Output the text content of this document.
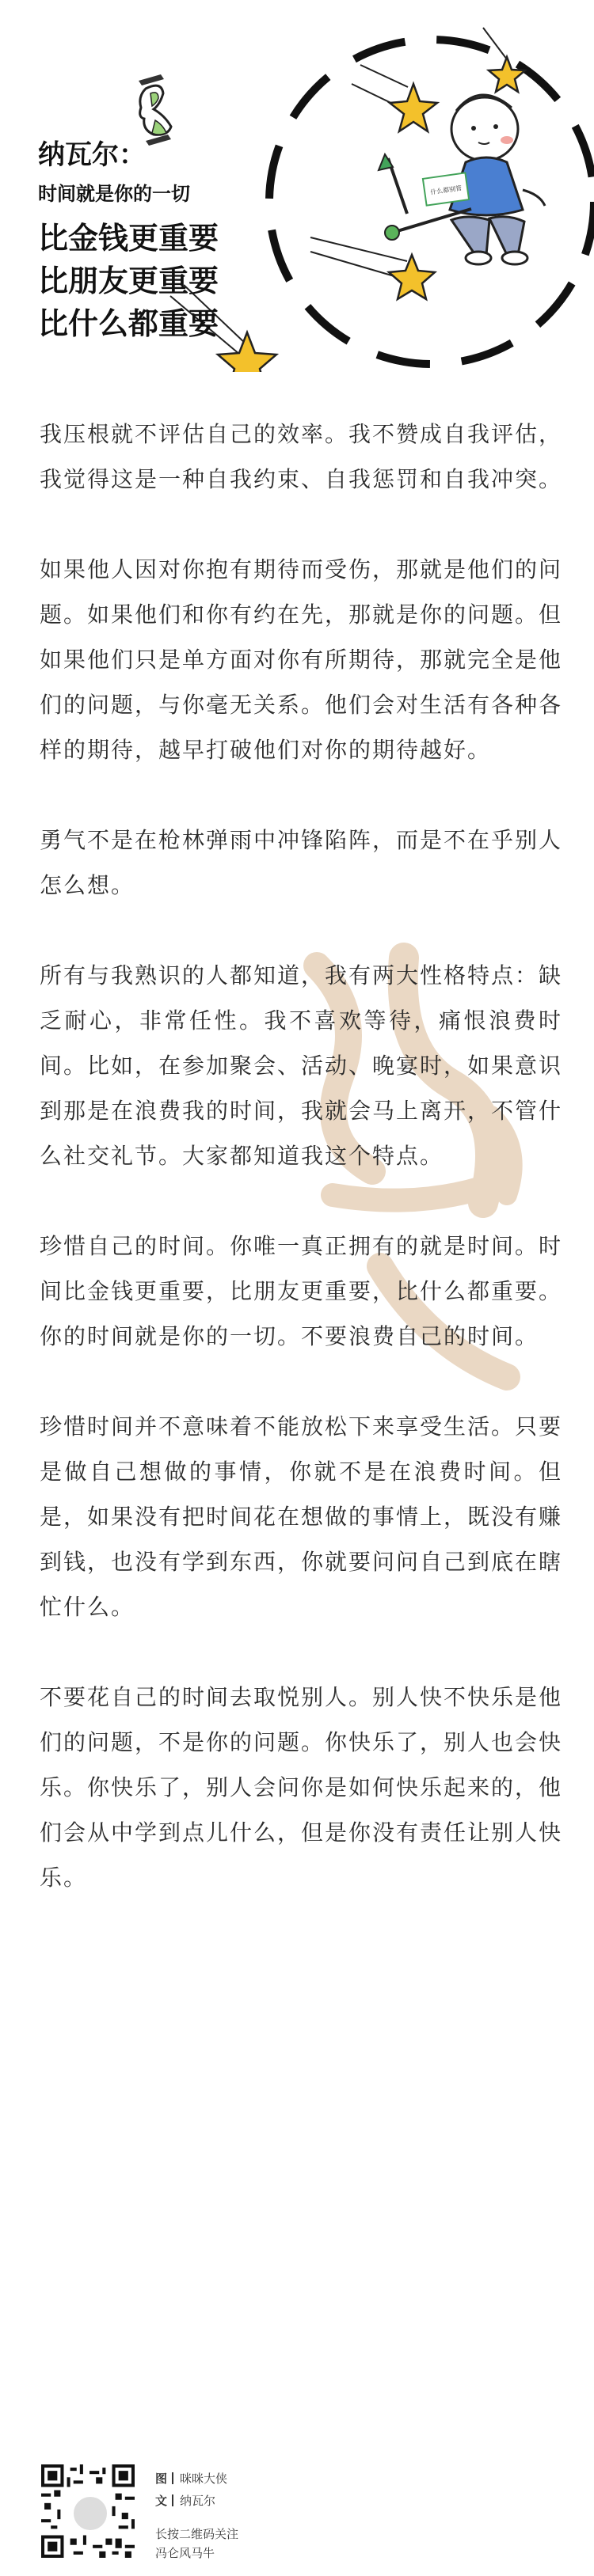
什么都别管
纳瓦尔：
时间就是你的一切
比金钱更重要
比朋友更重要
比什么都重要

我压根就不评估自己的效率。我不赞成自我评估，我觉得这是一种自我约束、自我惩罚和自我冲突。

如果他人因对你抱有期待而受伤，那就是他们的问题。如果他们和你有约在先，那就是你的问题。但如果他们只是单方面对你有所期待，那就完全是他们的问题，与你毫无关系。他们会对生活有各种各样的期待，越早打破他们对你的期待越好。

勇气不是在枪林弹雨中冲锋陷阵，而是不在乎别人怎么想。

所有与我熟识的人都知道，我有两大性格特点：缺乏耐心，非常任性。我不喜欢等待，痛恨浪费时间。比如，在参加聚会、活动、晚宴时，如果意识到那是在浪费我的时间，我就会马上离开，不管什么社交礼节。大家都知道我这个特点。

珍惜自己的时间。你唯一真正拥有的就是时间。时间比金钱更重要，比朋友更重要，比什么都重要。你的时间就是你的一切。不要浪费自己的时间。

珍惜时间并不意味着不能放松下来享受生活。只要是做自己想做的事情，你就不是在浪费时间。但是，如果没有把时间花在想做的事情上，既没有赚到钱，也没有学到东西，你就要问问自己到底在瞎忙什么。

不要花自己的时间去取悦别人。别人快不快乐是他们的问题，不是你的问题。你快乐了，别人也会快乐。你快乐了，别人会问你是如何快乐起来的，他们会从中学到点儿什么，但是你没有责任让别人快乐。

图 咪咪大侠
文 纳瓦尔
长按二维码关注
冯仑风马牛
